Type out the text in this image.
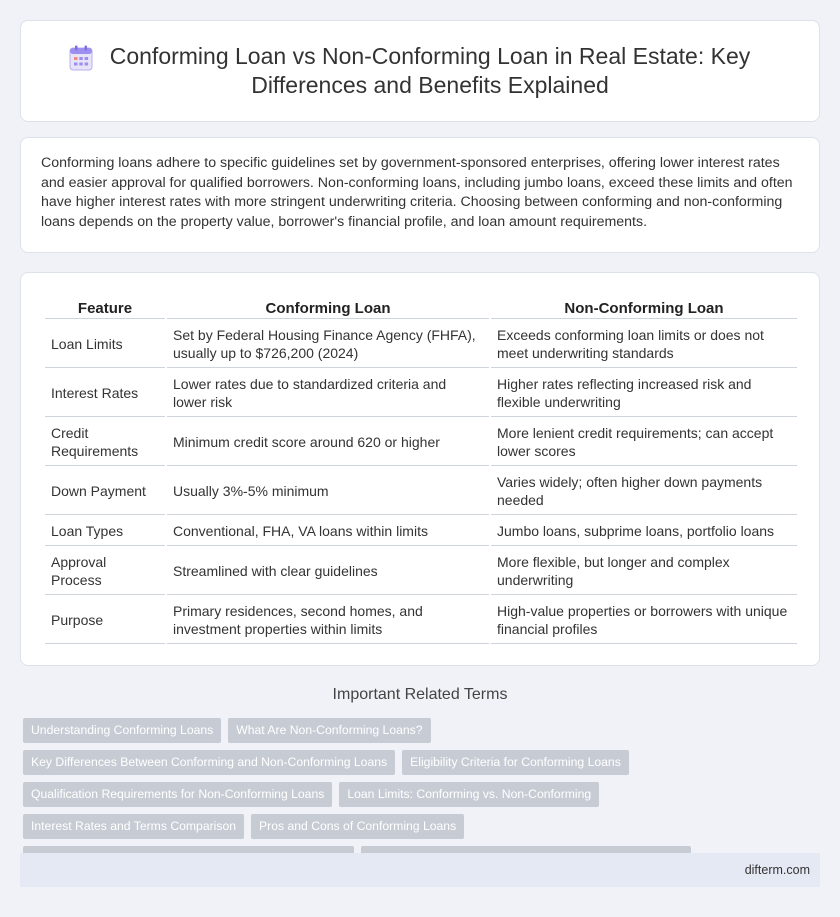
Conforming Loan vs Non-Conforming Loan in Real Estate: Key Differences and Benefits Explained

Conforming loans adhere to specific guidelines set by government-sponsored enterprises, offering lower interest rates and easier approval for qualified borrowers. Non-conforming loans, including jumbo loans, exceed these limits and often have higher interest rates with more stringent underwriting criteria. Choosing between conforming and non-conforming loans depends on the property value, borrower's financial profile, and loan amount requirements.

Feature	Conforming Loan	Non-Conforming Loan
Loan Limits	Set by Federal Housing Finance Agency (FHFA), usually up to $726,200 (2024)	Exceeds conforming loan limits or does not meet underwriting standards
Interest Rates	Lower rates due to standardized criteria and lower risk	Higher rates reflecting increased risk and flexible underwriting
Credit Requirements	Minimum credit score around 620 or higher	More lenient credit requirements; can accept lower scores
Down Payment	Usually 3%-5% minimum	Varies widely; often higher down payments needed
Loan Types	Conventional, FHA, VA loans within limits	Jumbo loans, subprime loans, portfolio loans
Approval Process	Streamlined with clear guidelines	More flexible, but longer and complex underwriting
Purpose	Primary residences, second homes, and investment properties within limits	High-value properties or borrowers with unique financial profiles
Important Related Terms
Understanding Conforming Loans	What Are Non-Conforming Loans?
Key Differences Between Conforming and Non-Conforming Loans	Eligibility Criteria for Conforming Loans
Qualification Requirements for Non-Conforming Loans	Loan Limits: Conforming vs. Non-Conforming
Interest Rates and Terms Comparison	Pros and Cons of Conforming Loans
difterm.com
